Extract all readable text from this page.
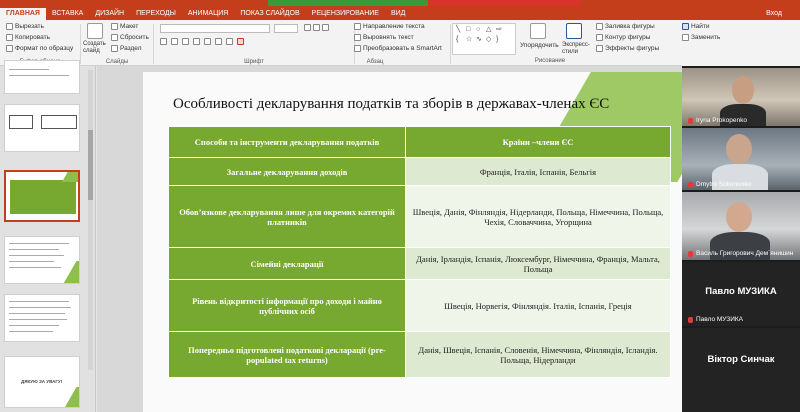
ГЛАВНАЯ	ВСТАВКА	ДИЗАЙН	ПЕРЕХОДЫ	АНИМАЦИЯ	ПОКАЗ СЛАЙДОВ	РЕЦЕНЗИРОВАНИЕ	ВИД	Вход
Вырезать
Копировать
Формат по образцу
Создать слайд
Макет
Сбросить
Раздел
Слайды	Шрифт
Направление текста
Выровнять текст
Преобразовать в SmartArt
Абзац
╲ □ ○ △ ⇨
{ ☆ ∿ ◇ }
Упорядочить Экспресс-стили
Заливка фигуры
Контур фигуры
Эффекты фигуры
Рисование
Найти
Заменить
ДЯКУЮ ЗА УВАГУ!
Особливості декларування податків та зборів в державах-членах ЄС
Способи та інструменти декларування податків	Країни –члени ЄС
Загальне декларування доходів	Франція, Італія, Іспанія, Бельгія
Обов’язкове декларування лише для окремих категорій платників	Швеція, Данія, Фінляндія, Нідерланди, Польща, Німеччина, Польща, Чехія, Словаччина, Угорщина
Сімейні декларації	Данія, Ірландія, Іспанія, Люксембург, Німеччина, Франція, Мальта, Польща
Рівень відкритості інформації про доходи і майно публічних осіб	Швеція, Норвегія, Фінляндія. Італія, Іспанія, Греція
Попередньо підготовлені податкові декларації (pre-populated tax returns)	Данія, Швеція, Іспанія, Словенія, Німеччина, Фінляндія, Ісландія. Польща, Нідерланди
Iryna Prokopenko
Dmytro Solomonko
Василь Григорович Дем`янишин
Павло МУЗИКА
Павло МУЗИКА
Віктор Синчак
